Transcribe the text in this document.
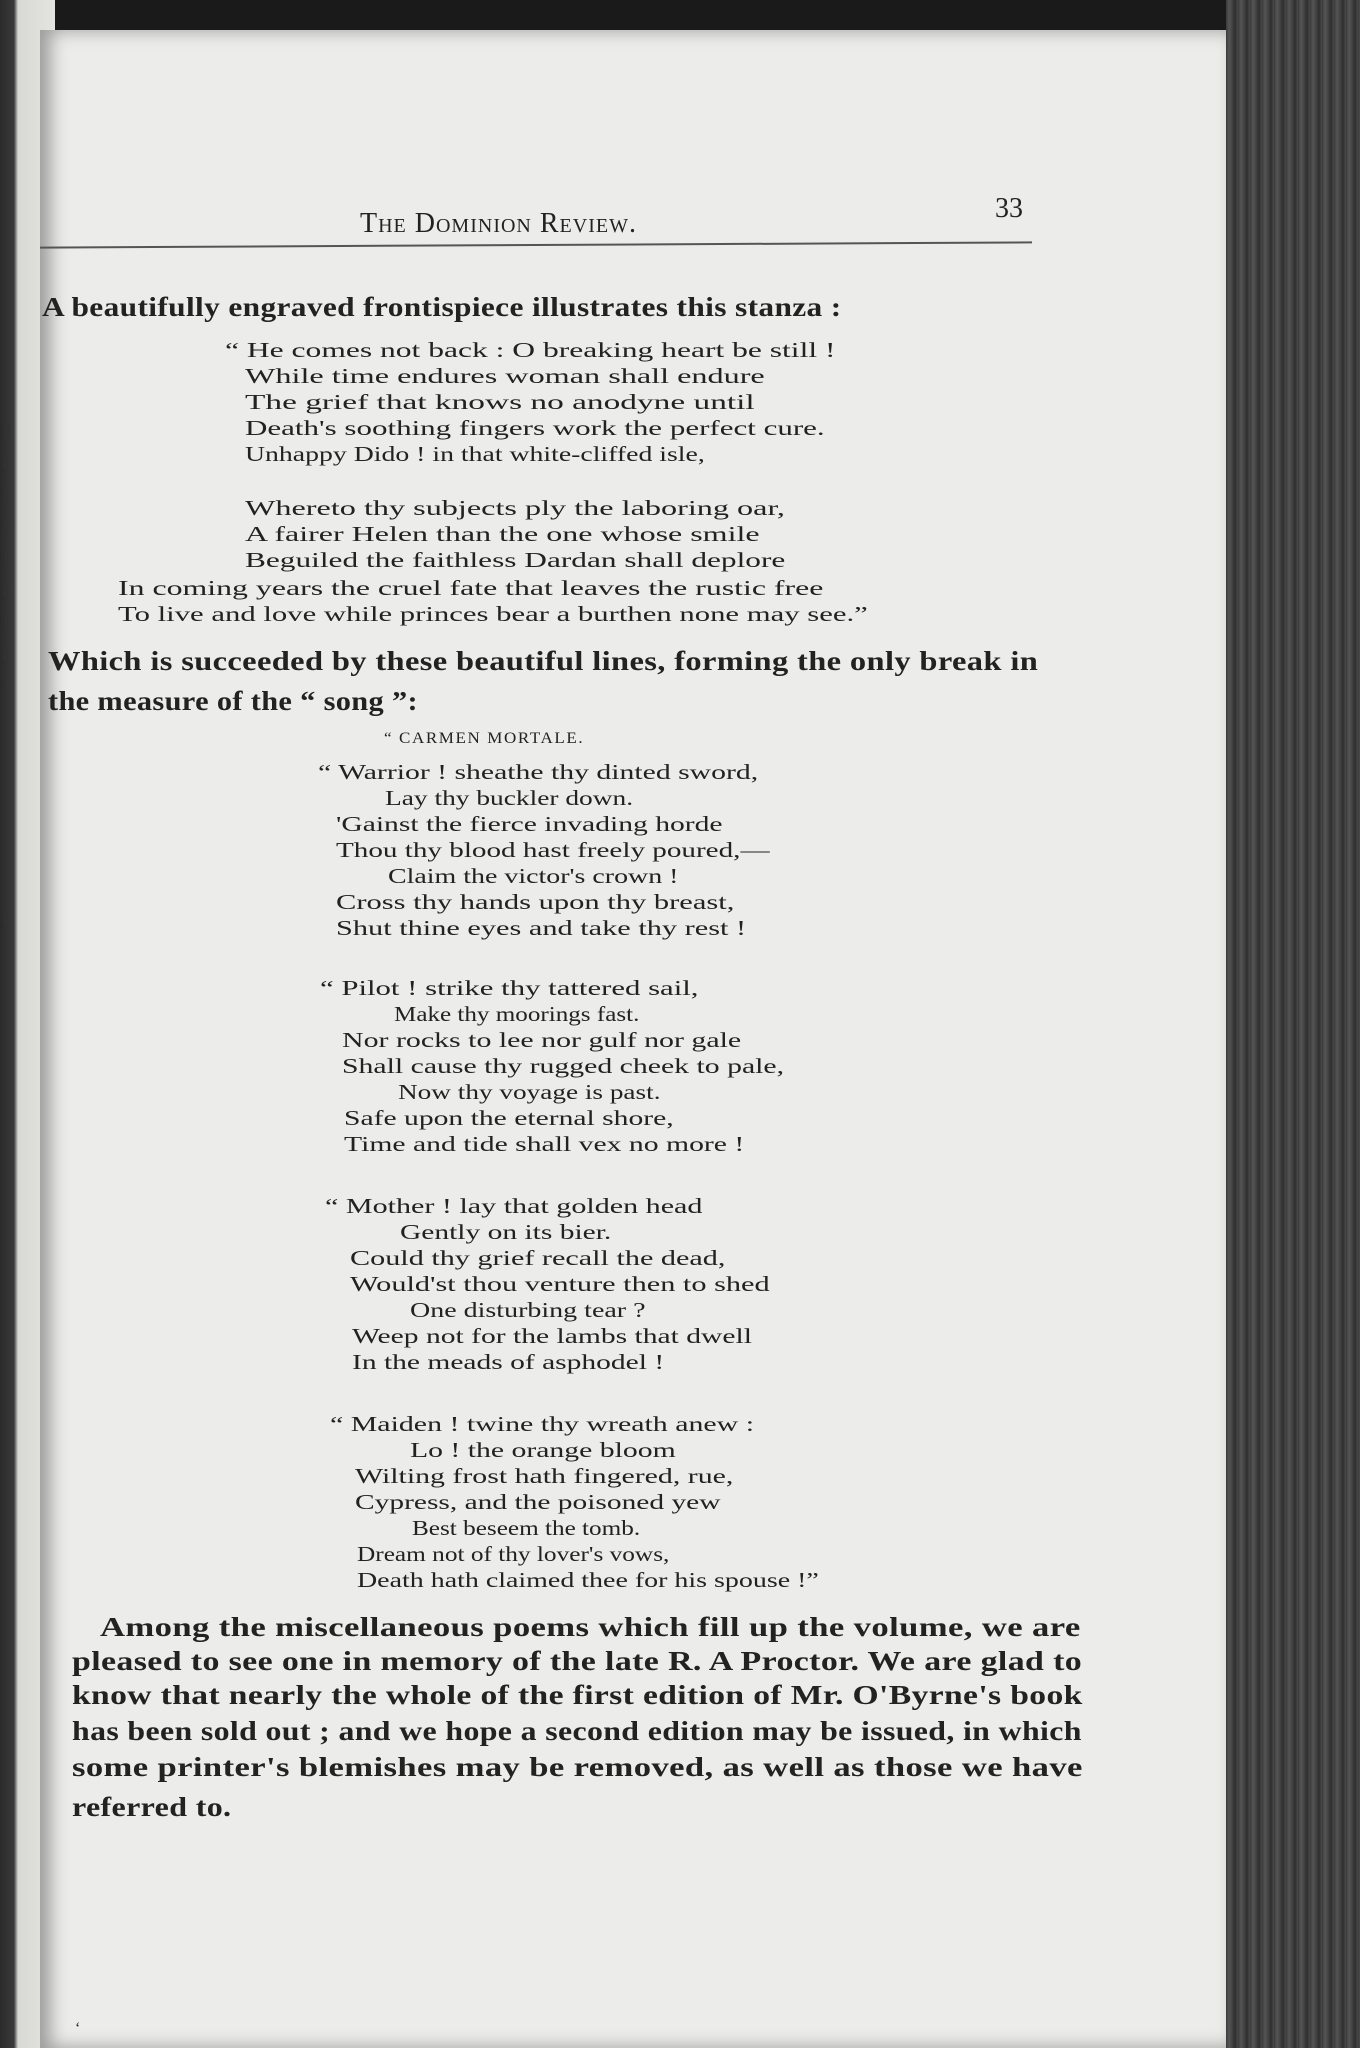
The Dominion Review.	33
‘
A beautifully engraved frontispiece illustrates this stanza :
“ He comes not back : O breaking heart be still !
While time endures woman shall endure
The grief that knows no anodyne until
Death's soothing fingers work the perfect cure.
Unhappy Dido ! in that white-cliffed isle,
Whereto thy subjects ply the laboring oar,
A fairer Helen than the one whose smile
Beguiled the faithless Dardan shall deplore
In coming years the cruel fate that leaves the rustic free
To live and love while princes bear a burthen none may see.”
Which is succeeded by these beautiful lines, forming the only break in
the measure of the “ song ”:
“ CARMEN MORTALE.
“ Warrior ! sheathe thy dinted sword,
Lay thy buckler down.
'Gainst the fierce invading horde
Thou thy blood hast freely poured,—
Claim the victor's crown !
Cross thy hands upon thy breast,
Shut thine eyes and take thy rest !
“ Pilot ! strike thy tattered sail,
Make thy moorings fast.
Nor rocks to lee nor gulf nor gale
Shall cause thy rugged cheek to pale,
Now thy voyage is past.
Safe upon the eternal shore,
Time and tide shall vex no more !
“ Mother ! lay that golden head
Gently on its bier.
Could thy grief recall the dead,
Would'st thou venture then to shed
One disturbing tear ?
Weep not for the lambs that dwell
In the meads of asphodel !
“ Maiden ! twine thy wreath anew :
Lo ! the orange bloom
Wilting frost hath fingered, rue,
Cypress, and the poisoned yew
Best beseem the tomb.
Dream not of thy lover's vows,
Death hath claimed thee for his spouse !”
Among the miscellaneous poems which fill up the volume, we are
pleased to see one in memory of the late R. A Proctor. We are glad to
know that nearly the whole of the first edition of Mr. O'Byrne's book
has been sold out ; and we hope a second edition may be issued, in which
some printer's blemishes may be removed, as well as those we have
referred to.
g
a
s
y
f
a
f
a
1
r
